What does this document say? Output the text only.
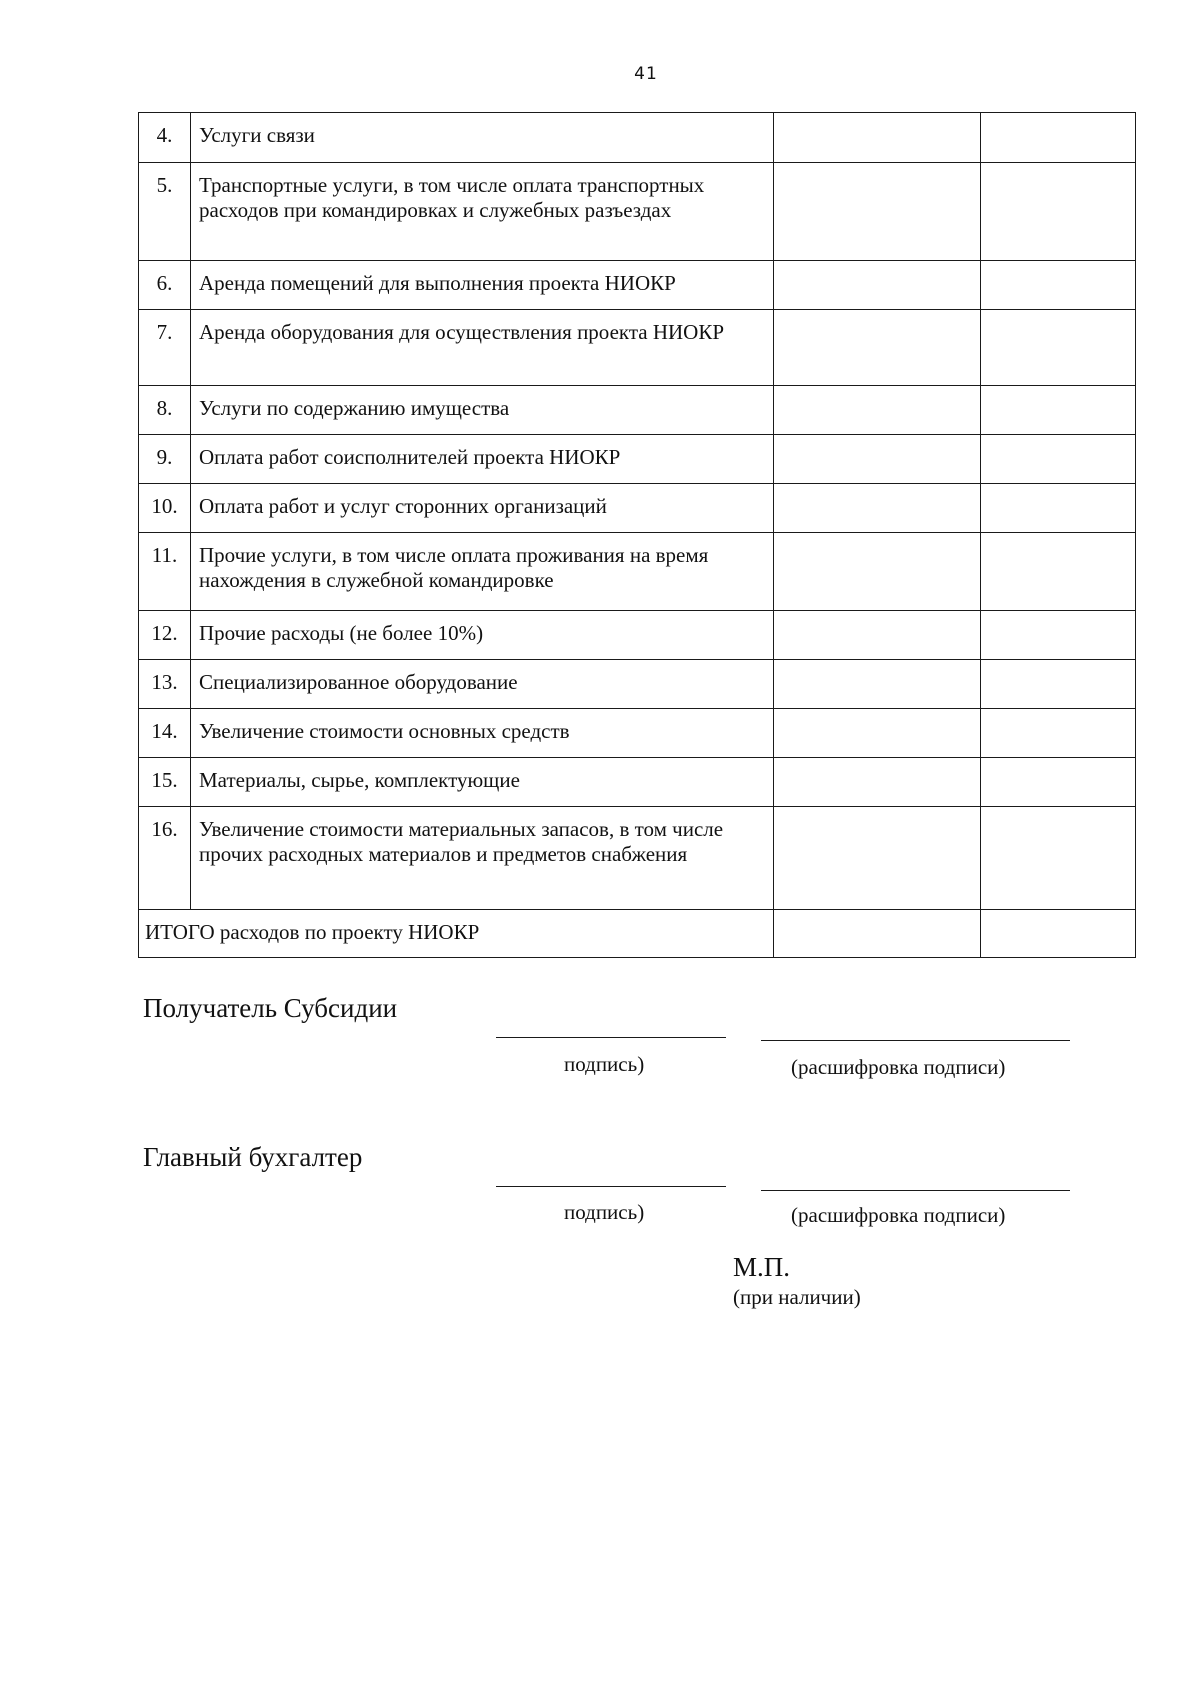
41
4.	Услуги связи		
5.	Транспортные услуги, в том числе оплата транспортных расходов при командировках и служебных разъездах		
6.	Аренда помещений для выполнения проекта НИОКР		
7.	Аренда оборудования для осуществления проекта НИОКР		
8.	Услуги по содержанию имущества		
9.	Оплата работ соисполнителей проекта НИОКР		
10.	Оплата работ и услуг сторонних организаций		
11.	Прочие услуги, в том числе оплата проживания на время нахождения в служебной командировке		
12.	Прочие расходы (не более 10%)		
13.	Специализированное оборудование		
14.	Увеличение стоимости основных средств		
15.	Материалы, сырье, комплектующие		
16.	Увеличение стоимости материальных запасов, в том числе прочих расходных материалов и предметов снабжения		
ИТОГО расходов по проекту НИОКР			
Получатель Субсидии
подпись)	(расшифровка подписи)
Главный бухгалтер
подпись)	(расшифровка подписи)
М.П.
(при наличии)
